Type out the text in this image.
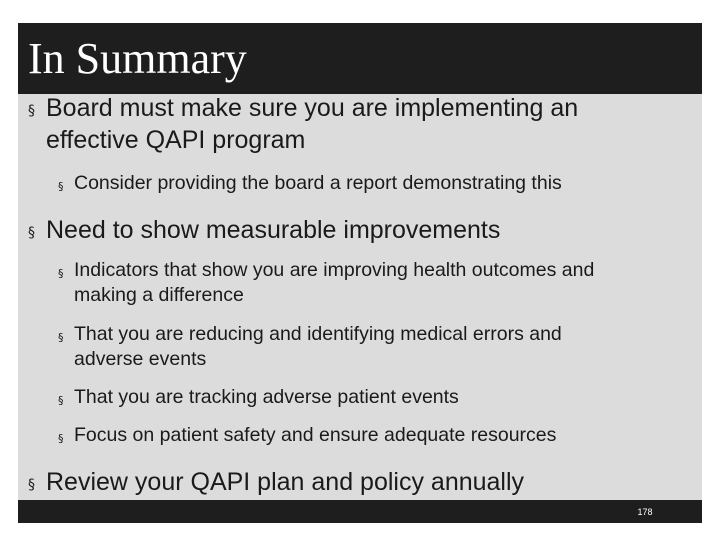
In Summary
§ Board must make sure you are implementing an
effective QAPI program
§ Consider providing the board a report demonstrating this
§ Need to show measurable improvements
§ Indicators that show you are improving health outcomes and
making a difference
§ That you are reducing and identifying medical errors and
adverse events
§ That you are tracking adverse patient events
§ Focus on patient safety and ensure adequate resources
§ Review your QAPI plan and policy annually
178
